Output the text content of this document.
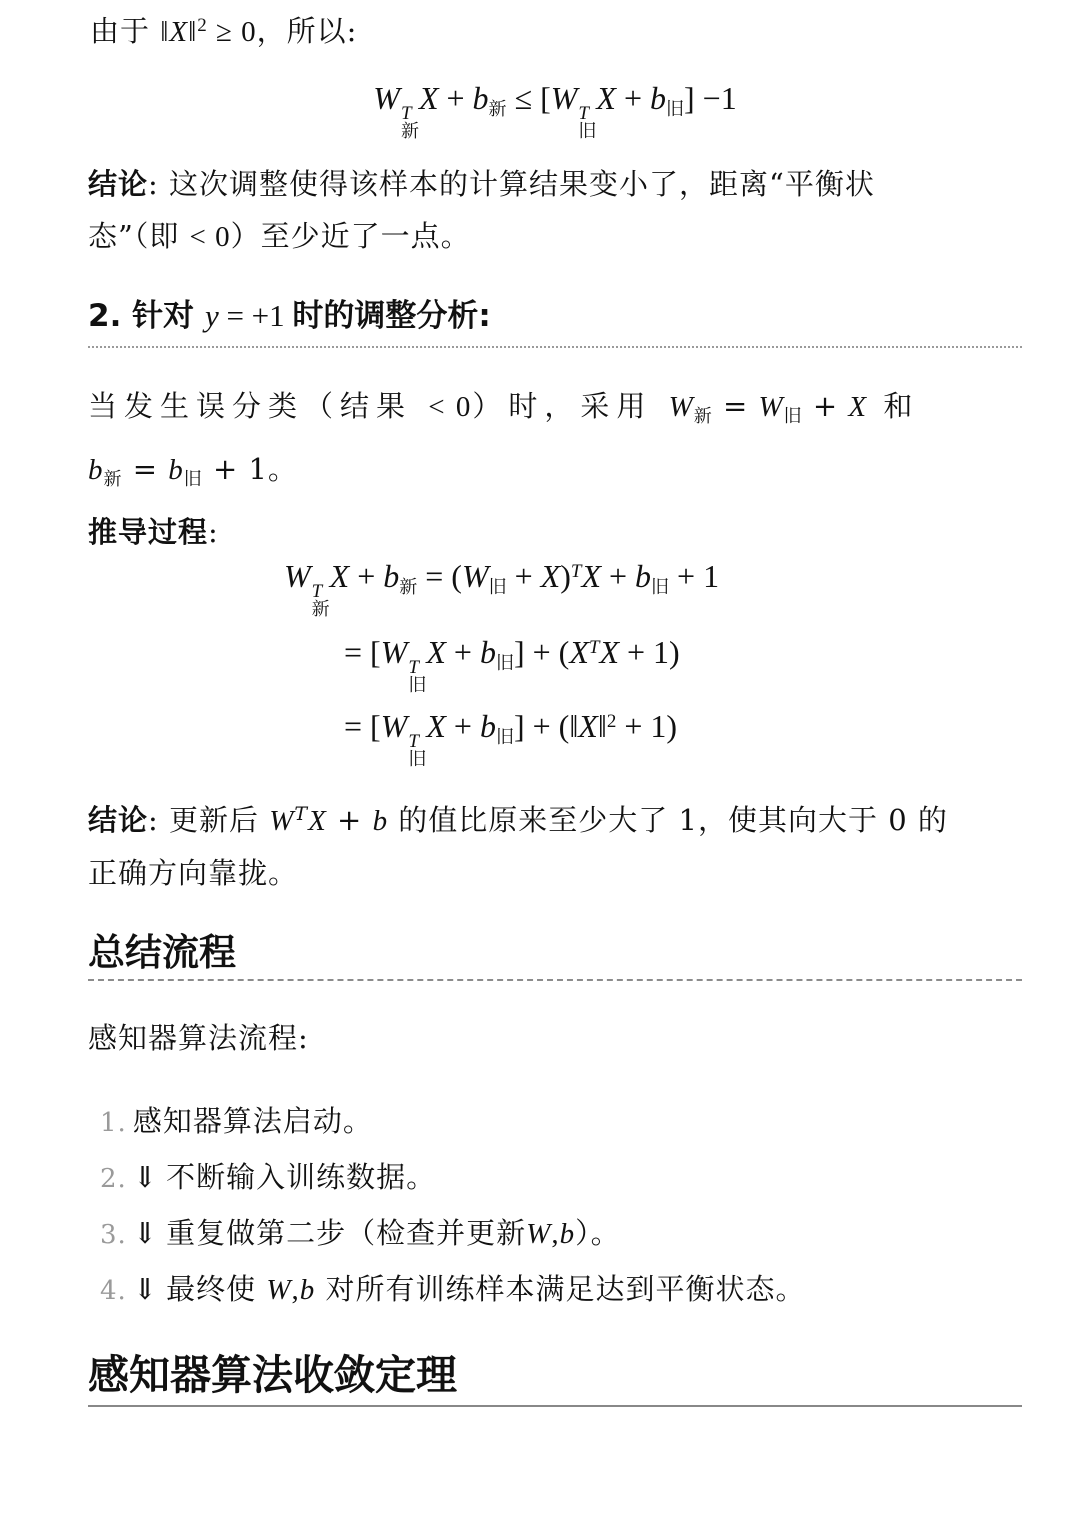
由于 ‖X‖$^2$ ≥ 0，所以:

W T
新
$X + b_新 \le [W$ T
旧
$X + b_旧] -1$

结论: 这次调整使得该样本的计算结果变小了，距离“平衡状

态”（即 < 0）至少近了一点。

2. 针对 y = +1 时的调整分析:

当发生误分类（结果 < 0）时，采用 $W_新 = W_旧 + X$ 和

$b_新 = b_旧 + 1$。

推导过程:

W T
新
$X + b_新 = (W_旧 + X)^TX + b_旧 + 1$
= [W T
旧
$X + b_旧] + (X^TX + 1)$
= [W T
旧
$X + b_旧$] + (‖X‖$^2$ + 1)

结论: 更新后 $W^TX + b$ 的值比原来至少大了 1，使其向大于 0 的

正确方向靠拢。

总结流程

感知器算法流程:

1. 感知器算法启动。
2. ⇓ 不断输入训练数据。
3. ⇓ 重复做第二步（检查并更新W,b）。
4. ⇓ 最终使 W,b 对所有训练样本满足达到平衡状态。
感知器算法收敛定理
